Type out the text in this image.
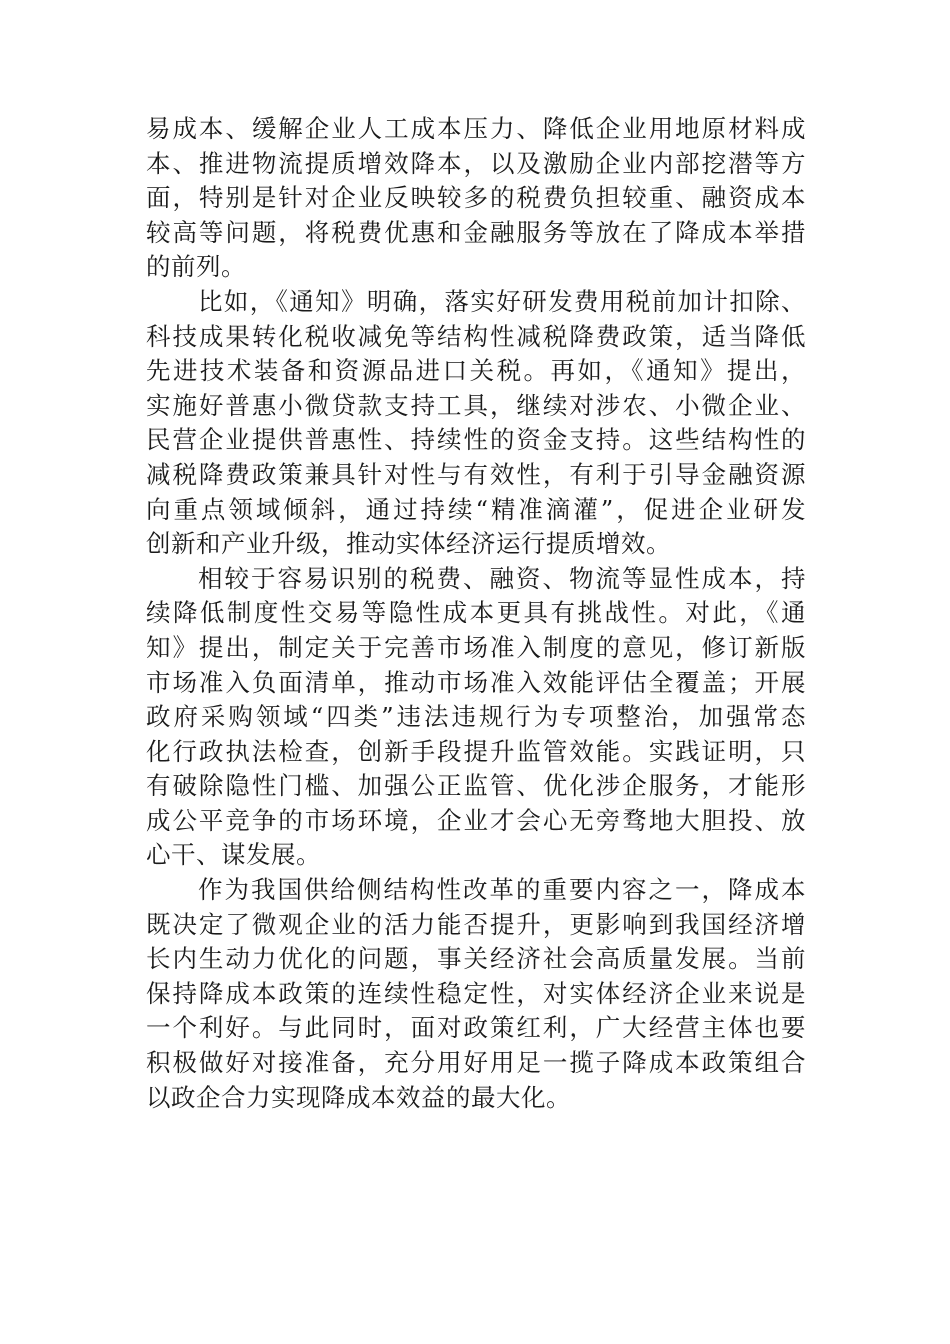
易成本、缓解企业人工成本压力、降低企业用地原材料成
本、推进物流提质增效降本，以及激励企业内部挖潜等方
面，特别是针对企业反映较多的税费负担较重、融资成本
较高等问题，将税费优惠和金融服务等放在了降成本举措
的前列。
比如，《通知》明确，落实好研发费用税前加计扣除、
科技成果转化税收减免等结构性减税降费政策，适当降低
先进技术装备和资源品进口关税。再如，《通知》提出，
实施好普惠小微贷款支持工具，继续对涉农、小微企业、
民营企业提供普惠性、持续性的资金支持。这些结构性的
减税降费政策兼具针对性与有效性，有利于引导金融资源
向重点领域倾斜，通过持续“精准滴灌”，促进企业研发
创新和产业升级，推动实体经济运行提质增效。
相较于容易识别的税费、融资、物流等显性成本，持
续降低制度性交易等隐性成本更具有挑战性。对此，《通
知》提出，制定关于完善市场准入制度的意见，修订新版
市场准入负面清单，推动市场准入效能评估全覆盖；开展
政府采购领域“四类”违法违规行为专项整治，加强常态
化行政执法检查，创新手段提升监管效能。实践证明，只
有破除隐性门槛、加强公正监管、优化涉企服务，才能形
成公平竞争的市场环境，企业才会心无旁骛地大胆投、放
心干、谋发展。
作为我国供给侧结构性改革的重要内容之一，降成本
既决定了微观企业的活力能否提升，更影响到我国经济增
长内生动力优化的问题，事关经济社会高质量发展。当前
保持降成本政策的连续性稳定性，对实体经济企业来说是
一个利好。与此同时，面对政策红利，广大经营主体也要
积极做好对接准备，充分用好用足一揽子降成本政策组合
以政企合力实现降成本效益的最大化。
